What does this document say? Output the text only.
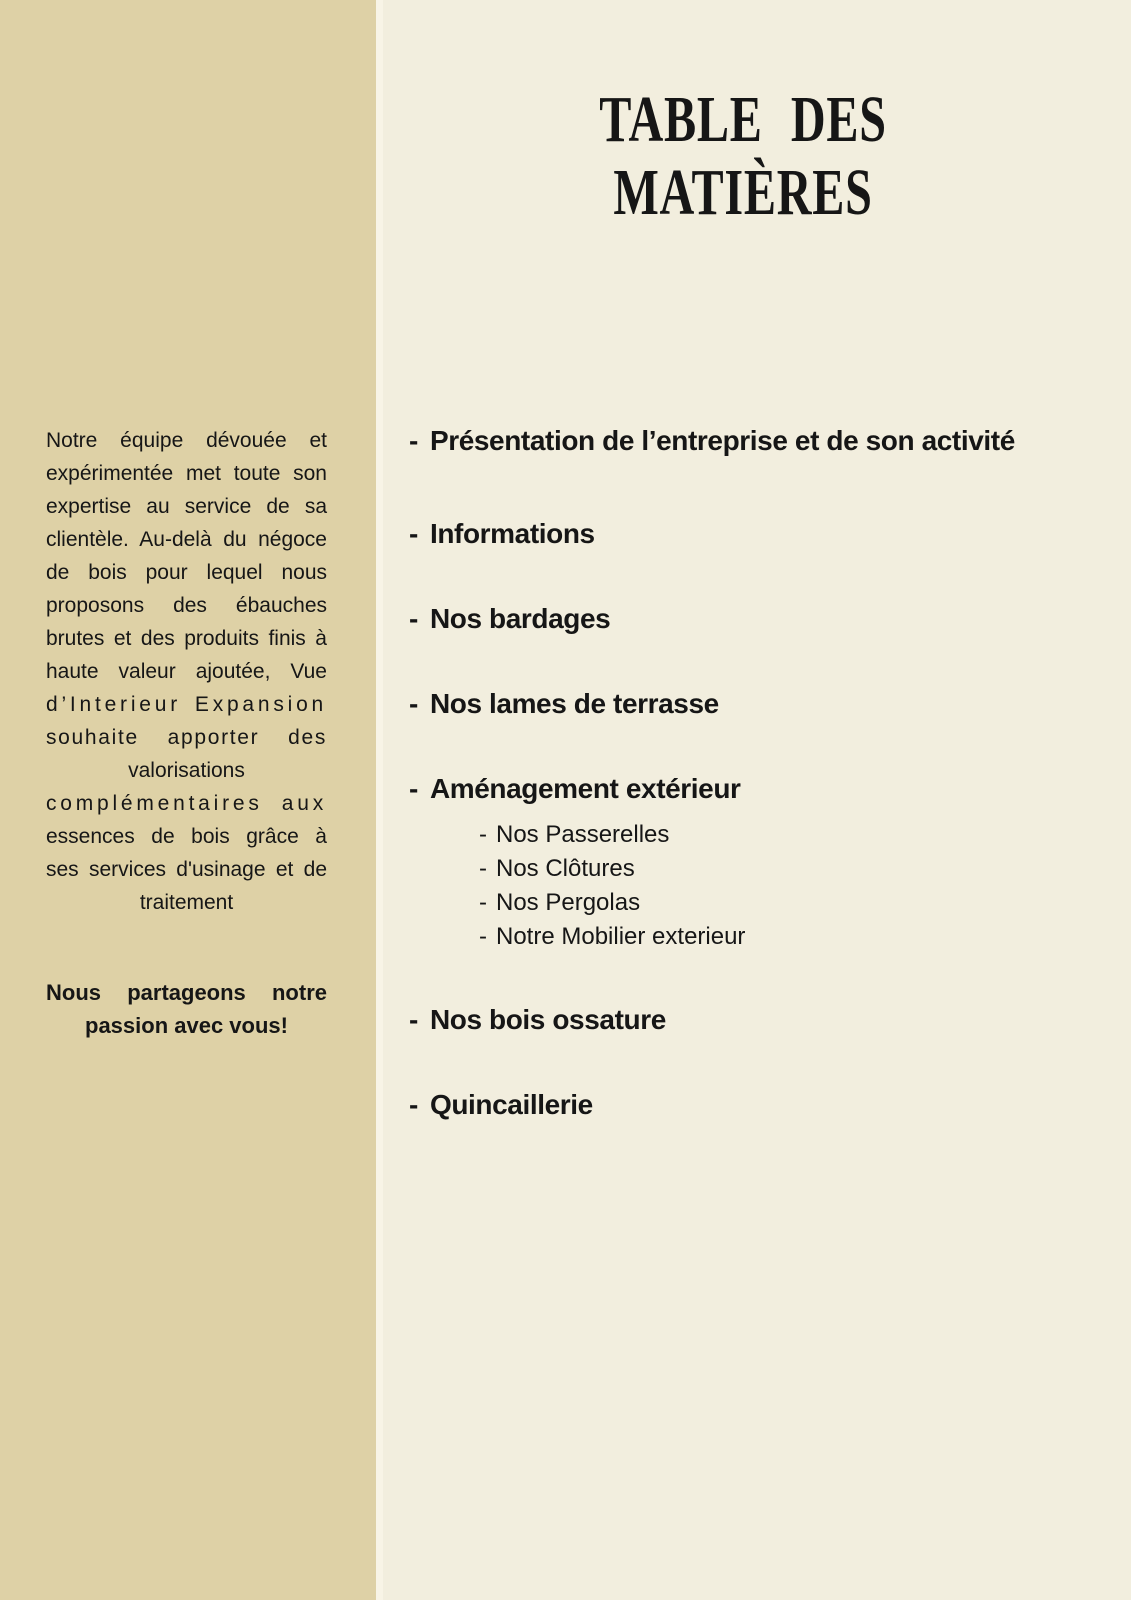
Notre équipe dévouée et
expérimentée met toute son
expertise au service de sa
clientèle. Au-delà du négoce
de bois pour lequel nous
proposons des ébauches
brutes et des produits finis à
haute valeur ajoutée, Vue
d’Interieur Expansion
souhaite apporter des
valorisations
complémentaires aux
essences de bois grâce à
ses services d'usinage et de
traitement
Nous partageons notre
passion avec vous!
TABLE DES MATIÈRES
- Présentation de l’entreprise et de son activité
- Informations
- Nos bardages
- Nos lames de terrasse
- Aménagement extérieur
- Nos Passerelles
- Nos Clôtures
- Nos Pergolas
- Notre Mobilier exterieur
- Nos bois ossature
- Quincaillerie
